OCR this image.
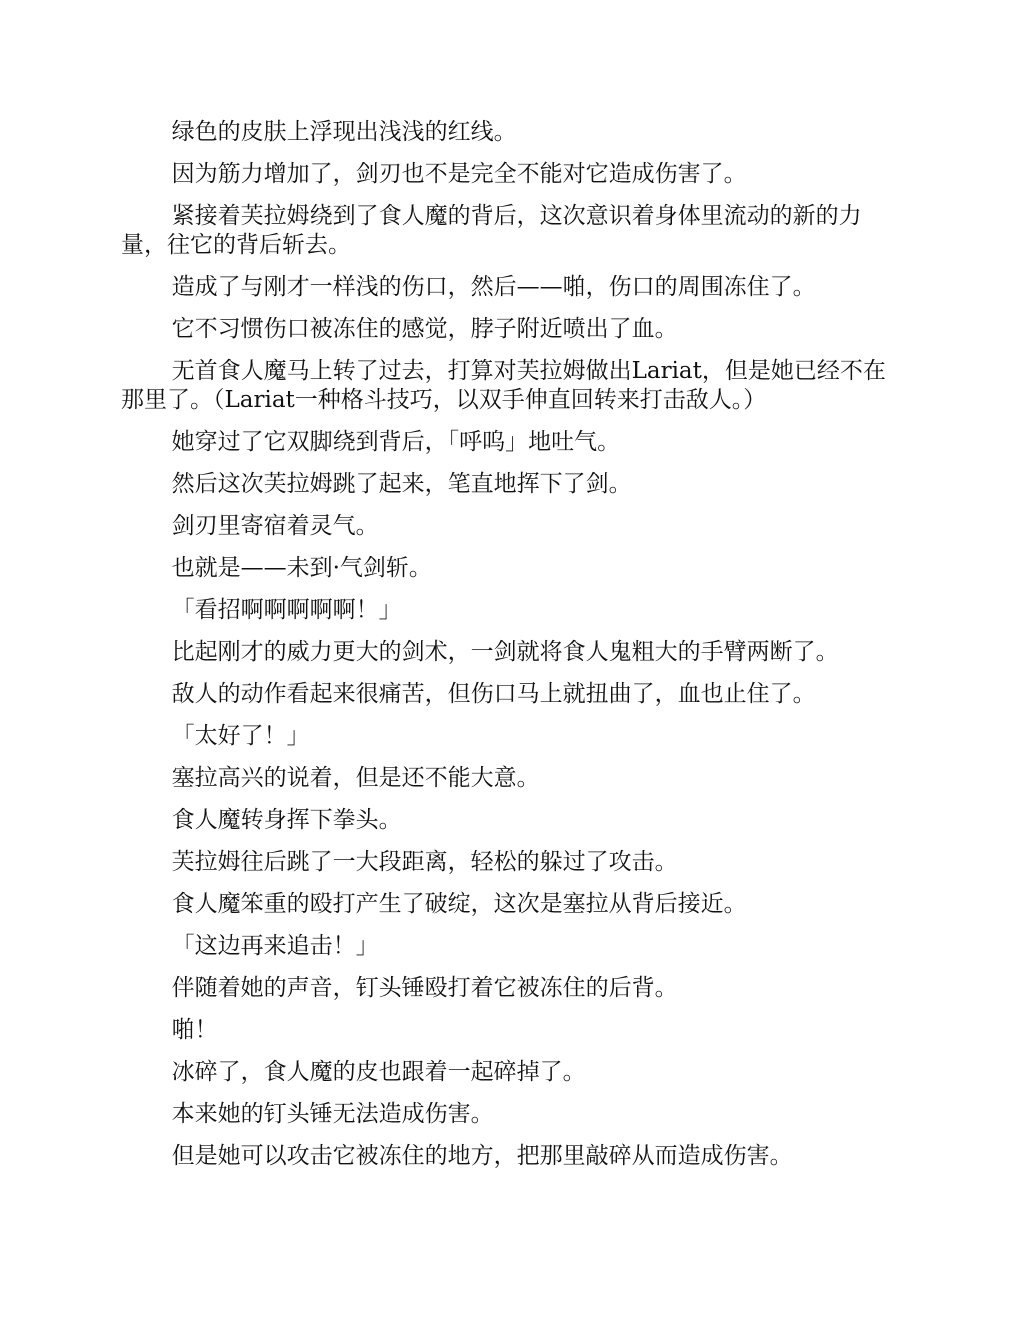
绿色的皮肤上浮现出浅浅的红线。

因为筋力增加了，剑刃也不是完全不能对它造成伤害了。

紧接着芙拉姆绕到了食人魔的背后，这次意识着身体里流动的新的力量，往它的背后斩去。

造成了与刚才一样浅的伤口，然后——啪，伤口的周围冻住了。

它不习惯伤口被冻住的感觉，脖子附近喷出了血。

无首食人魔马上转了过去，打算对芙拉姆做出Lariat，但是她已经不在那里了。（Lariat一种格斗技巧，以双手伸直回转来打击敌人。）

她穿过了它双脚绕到背后，「呼呜」地吐气。

然后这次芙拉姆跳了起来，笔直地挥下了剑。

剑刃里寄宿着灵气。

也就是——未到·气剑斩。

「看招啊啊啊啊啊！」

比起刚才的威力更大的剑术，一剑就将食人鬼粗大的手臂两断了。

敌人的动作看起来很痛苦，但伤口马上就扭曲了，血也止住了。

「太好了！」

塞拉高兴的说着，但是还不能大意。

食人魔转身挥下拳头。

芙拉姆往后跳了一大段距离，轻松的躲过了攻击。

食人魔笨重的殴打产生了破绽，这次是塞拉从背后接近。

「这边再来追击！」

伴随着她的声音，钉头锤殴打着它被冻住的后背。

啪！

冰碎了，食人魔的皮也跟着一起碎掉了。

本来她的钉头锤无法造成伤害。

但是她可以攻击它被冻住的地方，把那里敲碎从而造成伤害。
